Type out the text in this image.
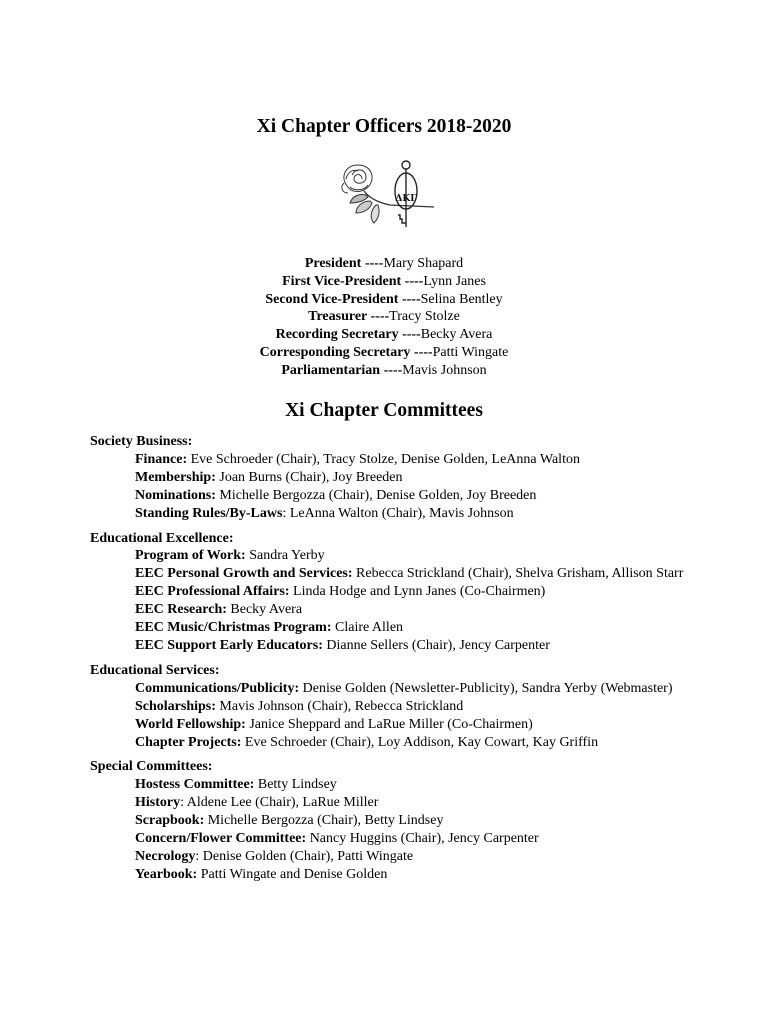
Xi Chapter Officers 2018-2020
ΔΚΓ
President ----Mary Shapard
First Vice-President ----Lynn Janes
Second Vice-President ----Selina Bentley
Treasurer ----Tracy Stolze
Recording Secretary ----Becky Avera
Corresponding Secretary ----Patti Wingate
Parliamentarian ----Mavis Johnson
Xi Chapter Committees
Society Business:
Finance: Eve Schroeder (Chair), Tracy Stolze, Denise Golden, LeAnna Walton
Membership: Joan Burns (Chair), Joy Breeden
Nominations: Michelle Bergozza (Chair), Denise Golden, Joy Breeden
Standing Rules/By-Laws: LeAnna Walton (Chair), Mavis Johnson
Educational Excellence:
Program of Work: Sandra Yerby
EEC Personal Growth and Services: Rebecca Strickland (Chair), Shelva Grisham, Allison Starr
EEC Professional Affairs: Linda Hodge and Lynn Janes (Co-Chairmen)
EEC Research: Becky Avera
EEC Music/Christmas Program: Claire Allen
EEC Support Early Educators: Dianne Sellers (Chair), Jency Carpenter
Educational Services:
Communications/Publicity: Denise Golden (Newsletter-Publicity), Sandra Yerby (Webmaster)
Scholarships: Mavis Johnson (Chair), Rebecca Strickland
World Fellowship: Janice Sheppard and LaRue Miller (Co-Chairmen)
Chapter Projects: Eve Schroeder (Chair), Loy Addison, Kay Cowart, Kay Griffin
Special Committees:
Hostess Committee: Betty Lindsey
History: Aldene Lee (Chair), LaRue Miller
Scrapbook: Michelle Bergozza (Chair), Betty Lindsey
Concern/Flower Committee: Nancy Huggins (Chair), Jency Carpenter
Necrology: Denise Golden (Chair), Patti Wingate
Yearbook: Patti Wingate and Denise Golden
